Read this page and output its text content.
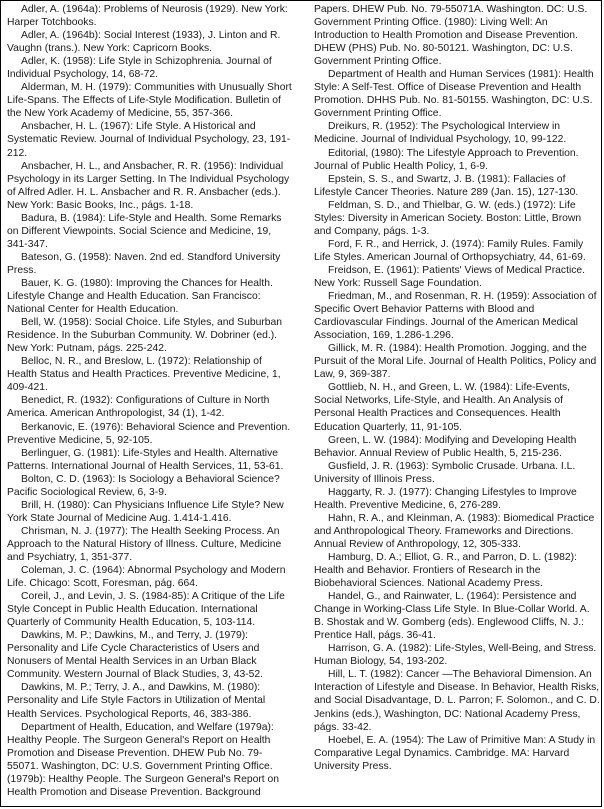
Adler, A. (1964a): Problems of Neurosis (1929). New York: Harper Totchbooks.

Adler, A. (1964b): Social Interest (1933), J. Linton and R. Vaughn (trans.). New York: Capricorn Books.

Adler, K. (1958): Life Style in Schizophrenia. Journal of Individual Psychology, 14, 68-72.

Alderman, M. H. (1979): Communities with Unusually Short Life-Spans. The Effects of Life-Style Modification. Bulletin of the New York Academy of Medicine, 55, 357-366.

Ansbacher, H. L. (1967): Life Style. A Historical and Systematic Review. Journal of Individual Psychology, 23, 191-212.

Ansbacher, H. L., and Ansbacher, R. R. (1956): Individual Psychology in its Larger Setting. In The Individual Psychology of Alfred Adler. H. L. Ansbacher and R. R. Ansbacher (eds.). New York: Basic Books, Inc., págs. 1-18.

Badura, B. (1984): Life-Style and Health. Some Remarks on Different Viewpoints. Social Science and Medicine, 19, 341-347.

Bateson, G. (1958): Naven. 2nd ed. Standford University Press.

Bauer, K. G. (1980): Improving the Chances for Health. Lifestyle Change and Health Education. San Francisco: National Center for Health Education.

Bell, W. (1958): Social Choice. Life Styles, and Suburban Residence. In the Suburban Community. W. Dobriner (ed.). New York: Putnam, págs. 225-242.

Belloc, N. R., and Breslow, L. (1972): Relationship of Health Status and Health Practices. Preventive Medicine, 1, 409-421.

Benedict, R. (1932): Configurations of Culture in North America. American Anthropologist, 34 (1), 1-42.

Berkanovic, E. (1976): Behavioral Science and Prevention. Preventive Medicine, 5, 92-105.

Berlinguer, G. (1981): Life-Styles and Health. Alternative Patterns. International Journal of Health Services, 11, 53-61.

Bolton, C. D. (1963): Is Sociology a Behavioral Science? Pacific Sociological Review, 6, 3-9.

Brill, H. (1980): Can Physicians Influence Life Style? New York State Journal of Medicine Aug. 1.414-1.416.

Chrisman, N. J. (1977): The Health Seeking Process. An Approach to the Natural History of Illness. Culture, Medicine and Psychiatry, 1, 351-377.

Coleman, J. C. (1964): Abnormal Psychology and Modern Life. Chicago: Scott, Foresman, pág. 664.

Coreil, J., and Levin, J. S. (1984-85): A Critique of the Life Style Concept in Public Health Education. International Quarterly of Community Health Education, 5, 103-114.

Dawkins, M. P.; Dawkins, M., and Terry, J. (1979): Personality and Life Cycle Characteristics of Users and Nonusers of Mental Health Services in an Urban Black Community. Western Journal of Black Studies, 3, 43-52.

Dawkins, M. P.; Terry, J. A., and Dawkins, M. (1980): Personality and Life Style Factors in Utilization of Mental Health Services. Psychological Reports, 46, 383-386.

Department of Health, Education, and Welfare (1979a): Healthy People. The Surgeon General's Report on Health Promotion and Disease Prevention. DHEW Pub No. 79-55071. Washington, DC: U.S. Government Printing Office. (1979b): Healthy People. The Surgeon General's Report on Health Promotion and Disease Prevention. Background

Papers. DHEW Pub. No. 79-55071A. Washington. DC: U.S. Government Printing Office. (1980): Living Well: An Introduction to Health Promotion and Disease Prevention. DHEW (PHS) Pub. No. 80-50121. Washington, DC: U.S. Government Printing Office.

Department of Health and Human Services (1981): Health Style: A Self-Test. Office of Disease Prevention and Health Promotion. DHHS Pub. No. 81-50155. Washington, DC: U.S. Government Printing Office.

Dreikurs, R. (1952): The Psychological Interview in Medicine. Journal of Individual Psychology, 10, 99-122.

Editorial, (1980): The Lifestyle Approach to Prevention. Journal of Public Health Policy, 1, 6-9.

Epstein, S. S., and Swartz, J. B. (1981): Fallacies of Lifestyle Cancer Theories. Nature 289 (Jan. 15), 127-130.

Feldman, S. D., and Thielbar, G. W. (eds.) (1972): Life Styles: Diversity in American Society. Boston: Little, Brown and Company, págs. 1-3.

Ford, F. R., and Herrick, J. (1974): Family Rules. Family Life Styles. American Journal of Orthopsychiatry, 44, 61-69.

Freidson, E. (1961): Patients' Views of Medical Practice. New York: Russell Sage Foundation.

Friedman, M., and Rosenman, R. H. (1959): Association of Specific Overt Behavior Patterns with Blood and Cardiovascular Findings. Journal of the American Medical Association, 169, 1.286-1.296.

Gillick, M. R. (1984): Health Promotion. Jogging, and the Pursuit of the Moral Life. Journal of Health Politics, Policy and Law, 9, 369-387.

Gottlieb, N. H., and Green, L. W. (1984): Life-Events, Social Networks, Life-Style, and Health. An Analysis of Personal Health Practices and Consequences. Health Education Quarterly, 11, 91-105.

Green, L. W. (1984): Modifying and Developing Health Behavior. Annual Review of Public Health, 5, 215-236.

Gusfield, J. R. (1963): Symbolic Crusade. Urbana. I.L. University of Illinois Press.

Haggarty, R. J. (1977): Changing Lifestyles to Improve Health. Preventive Medicine, 6, 276-289.

Hahn, R. A., and Kleinman, A. (1983): Biomedical Practice and Anthropological Theory. Frameworks and Directions. Annual Review of Anthropology, 12, 305-333.

Hamburg, D. A.; Elliot, G. R., and Parron, D. L. (1982): Health and Behavior. Frontiers of Research in the Biobehavioral Sciences. National Academy Press.

Handel, G., and Rainwater, L. (1964): Persistence and Change in Working-Class Life Style. In Blue-Collar World. A. B. Shostak and W. Gomberg (eds). Englewood Cliffs, N. J.: Prentice Hall, págs. 36-41.

Harrison, G. A. (1982): Life-Styles, Well-Being, and Stress. Human Biology, 54, 193-202.

Hill, L. T. (1982): Cancer —The Behavioral Dimension. An Interaction of Lifestyle and Disease. In Behavior, Health Risks, and Social Disadvantage, D. L. Parron; F. Solomon., and C. D. Jenkins (eds.), Washington, DC: National Academy Press, págs. 33-42.

Hoebel, E. A. (1954): The Law of Primitive Man: A Study in Comparative Legal Dynamics. Cambridge. MA: Harvard University Press.
